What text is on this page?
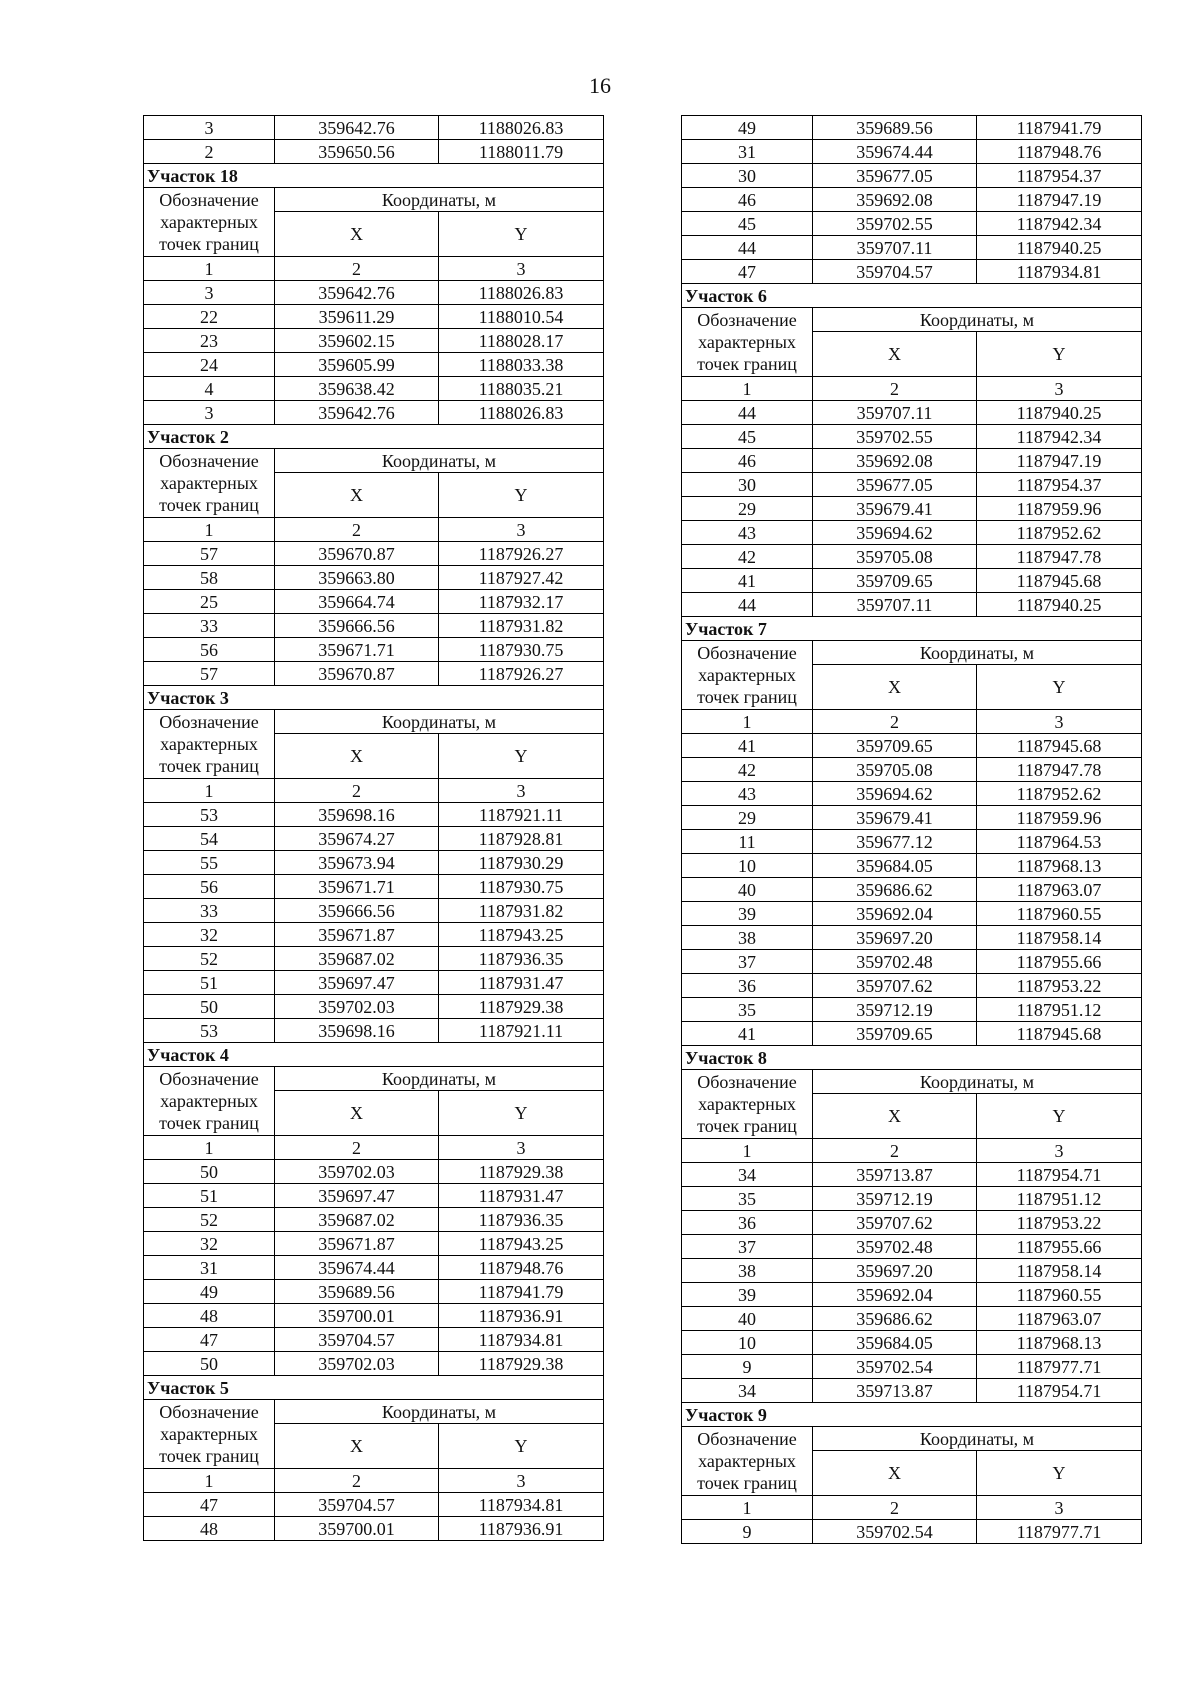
16
3	359642.76	1188026.83
2	359650.56	1188011.79
Участок 18		
Обозначение характерных точек границ	Координаты, м	
	X	Y
1	2	3
3	359642.76	1188026.83
22	359611.29	1188010.54
23	359602.15	1188028.17
24	359605.99	1188033.38
4	359638.42	1188035.21
3	359642.76	1188026.83
Участок 2		
Обозначение характерных точек границ	Координаты, м	
	X	Y
1	2	3
57	359670.87	1187926.27
58	359663.80	1187927.42
25	359664.74	1187932.17
33	359666.56	1187931.82
56	359671.71	1187930.75
57	359670.87	1187926.27
Участок 3		
Обозначение характерных точек границ	Координаты, м	
	X	Y
1	2	3
53	359698.16	1187921.11
54	359674.27	1187928.81
55	359673.94	1187930.29
56	359671.71	1187930.75
33	359666.56	1187931.82
32	359671.87	1187943.25
52	359687.02	1187936.35
51	359697.47	1187931.47
50	359702.03	1187929.38
53	359698.16	1187921.11
Участок 4		
Обозначение характерных точек границ	Координаты, м	
	X	Y
1	2	3
50	359702.03	1187929.38
51	359697.47	1187931.47
52	359687.02	1187936.35
32	359671.87	1187943.25
31	359674.44	1187948.76
49	359689.56	1187941.79
48	359700.01	1187936.91
47	359704.57	1187934.81
50	359702.03	1187929.38
Участок 5		
Обозначение характерных точек границ	Координаты, м	
	X	Y
1	2	3
47	359704.57	1187934.81
48	359700.01	1187936.91
49	359689.56	1187941.79
31	359674.44	1187948.76
30	359677.05	1187954.37
46	359692.08	1187947.19
45	359702.55	1187942.34
44	359707.11	1187940.25
47	359704.57	1187934.81
Участок 6		
Обозначение характерных точек границ	Координаты, м	
	X	Y
1	2	3
44	359707.11	1187940.25
45	359702.55	1187942.34
46	359692.08	1187947.19
30	359677.05	1187954.37
29	359679.41	1187959.96
43	359694.62	1187952.62
42	359705.08	1187947.78
41	359709.65	1187945.68
44	359707.11	1187940.25
Участок 7		
Обозначение характерных точек границ	Координаты, м	
	X	Y
1	2	3
41	359709.65	1187945.68
42	359705.08	1187947.78
43	359694.62	1187952.62
29	359679.41	1187959.96
11	359677.12	1187964.53
10	359684.05	1187968.13
40	359686.62	1187963.07
39	359692.04	1187960.55
38	359697.20	1187958.14
37	359702.48	1187955.66
36	359707.62	1187953.22
35	359712.19	1187951.12
41	359709.65	1187945.68
Участок 8		
Обозначение характерных точек границ	Координаты, м	
	X	Y
1	2	3
34	359713.87	1187954.71
35	359712.19	1187951.12
36	359707.62	1187953.22
37	359702.48	1187955.66
38	359697.20	1187958.14
39	359692.04	1187960.55
40	359686.62	1187963.07
10	359684.05	1187968.13
9	359702.54	1187977.71
34	359713.87	1187954.71
Участок 9		
Обозначение характерных точек границ	Координаты, м	
	X	Y
1	2	3
9	359702.54	1187977.71
